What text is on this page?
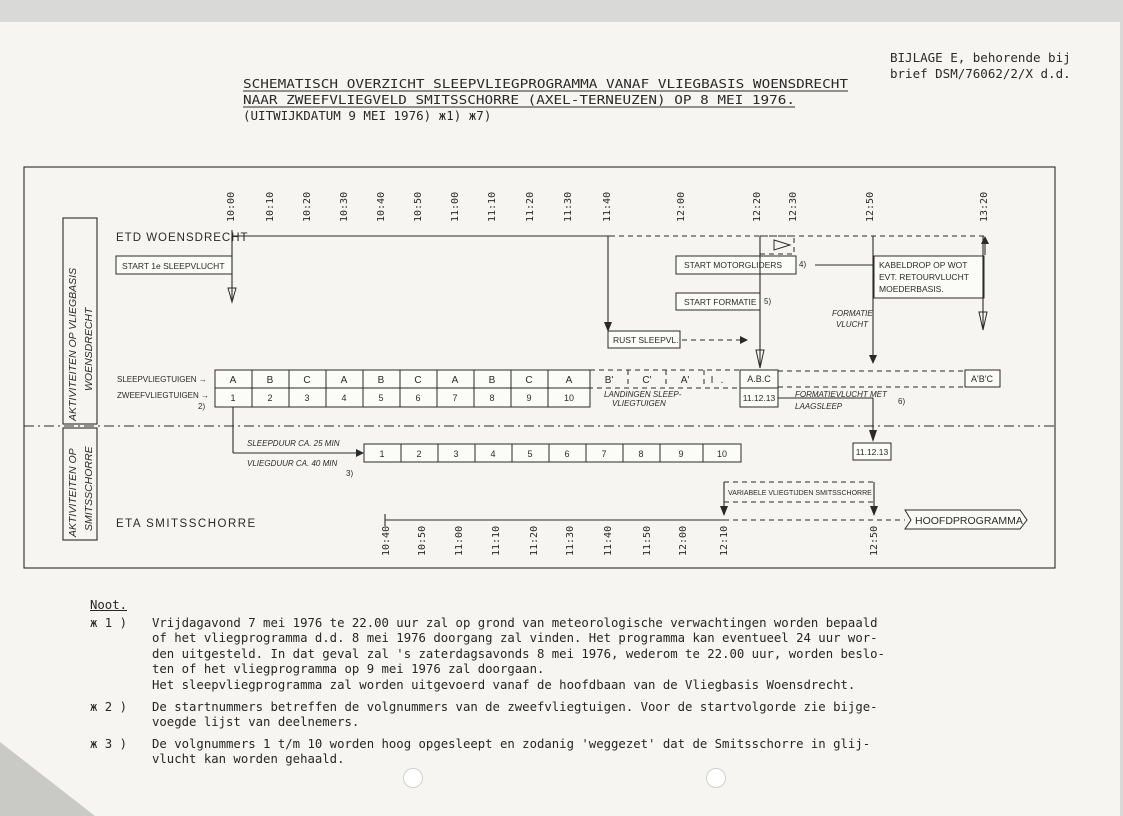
BIJLAGE E, behorende bij
brief DSM/76062/2/X d.d.
SCHEMATISCH OVERZICHT SLEEPVLIEGPROGRAMMA VANAF VLIEGBASIS WOENSDRECHT
NAAR ZWEEFVLIEGVELD SMITSSCHORRE (AXEL-TERNEUZEN) OP 8 MEI 1976.
(UITWIJKDATUM 9 MEI 1976) ж1) ж7)
AKTIVITEITEN OP VLIEGBASIS WOENSDRECHT
AKTIVITEITEN OP SMITSSCHORRE
10:00	10:10	10:20	10:30	10:40	10:50	11:00	11:10	11:20	11:30	11:40	12:00	12:20	12:30	12:50	13:20
ETD WOENSDRECHT
START 1e SLEEPVLUCHT
RUST SLEEPVL.
START MOTORGLIDERS 4)
START FORMATIE 5)
KABELDROP OP WOT
EVT. RETOURVLUCHT
MOEDERBASIS.
FORMATIE
VLUCHT
SLEEPVLIEGTUIGEN →
ZWEEFVLIEGTUIGEN →
2)
A	B	C	A	B	C	A	B	C	A	B'	C'	A' I .	A.B.C	A'B'C
1	2	3	4	5	6	7	8	9	10	11.12.13
LANDINGEN SLEEP-
VLIEGTUIGEN
FORMATIEVLUCHT MET
LAAGSLEEP
6)
11.12.13
SLEEPDUUR CA. 25 MIN
VLIEGDUUR CA. 40 MIN
3)
1	2	3	4	5	6	7	8	9	10
VARIABELE VLIEGTIJDEN SMITSSCHORRE
ETA SMITSSCHORRE	HOOFDPROGRAMMA
10:40	10:50	11:00	11:10	11:20	11:30	11:40	11:50	12:00	12:10	12:50
Noot.
ж 1 )	Vrijdagavond 7 mei 1976 te 22.00 uur zal op grond van meteorologische verwachtingen worden bepaald
of het vliegprogramma d.d. 8 mei 1976 doorgang zal vinden. Het programma kan eventueel 24 uur wor-
den uitgesteld. In dat geval zal 's zaterdagsavonds 8 mei 1976, wederom te 22.00 uur, worden beslo-
ten of het vliegprogramma op 9 mei 1976 zal doorgaan.
Het sleepvliegprogramma zal worden uitgevoerd vanaf de hoofdbaan van de Vliegbasis Woensdrecht.
ж 2 )	De startnummers betreffen de volgnummers van de zweefvliegtuigen. Voor de startvolgorde zie bijge-
voegde lijst van deelnemers.
ж 3 )	De volgnummers 1 t/m 10 worden hoog opgesleept en zodanig 'weggezet' dat de Smitsschorre in glij-
vlucht kan worden gehaald.
